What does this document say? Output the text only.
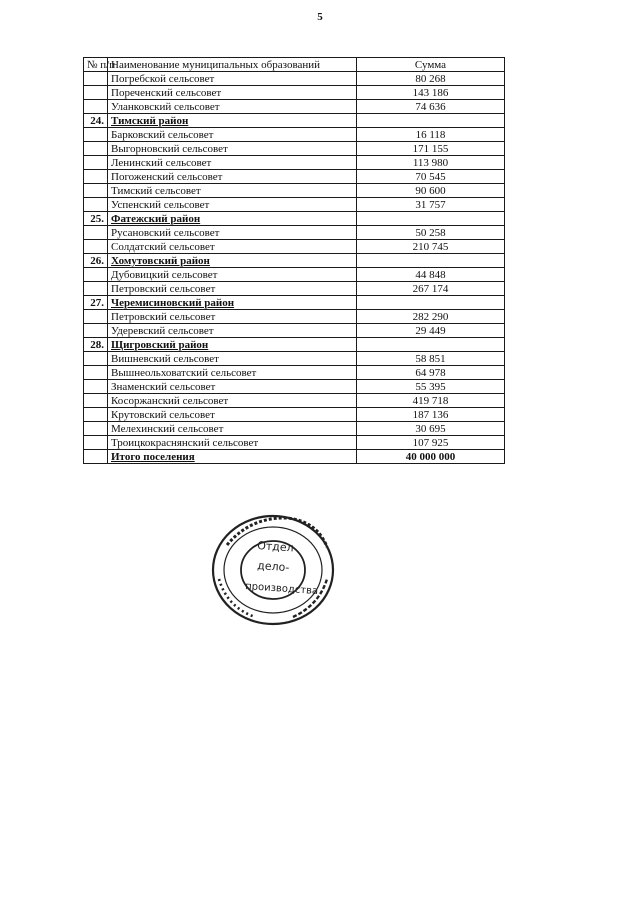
5
№ п/п	Наименование муниципальных образований	Сумма
	Погребской сельсовет	80 268
	Пореченский сельсовет	143 186
	Уланковский сельсовет	74 636
24.	Тимский район	
	Барковский сельсовет	16 118
	Выгорновский сельсовет	171 155
	Ленинский сельсовет	113 980
	Погоженский сельсовет	70 545
	Тимский сельсовет	90 600
	Успенский сельсовет	31 757
25.	Фатежский район	
	Русановский сельсовет	50 258
	Солдатский сельсовет	210 745
26.	Хомутовский район	
	Дубовицкий сельсовет	44 848
	Петровский сельсовет	267 174
27.	Черемисиновский район	
	Петровский сельсовет	282 290
	Удеревский сельсовет	29 449
28.	Щигровский район	
	Вишневский сельсовет	58 851
	Вышнеольховатский сельсовет	64 978
	Знаменский сельсовет	55 395
	Косоржанский сельсовет	419 718
	Крутовский сельсовет	187 136
	Мелехинский сельсовет	30 695
	Троицкокраснянский сельсовет	107 925
	Итого поселения	40 000 000
Отдел
дело-
производства
